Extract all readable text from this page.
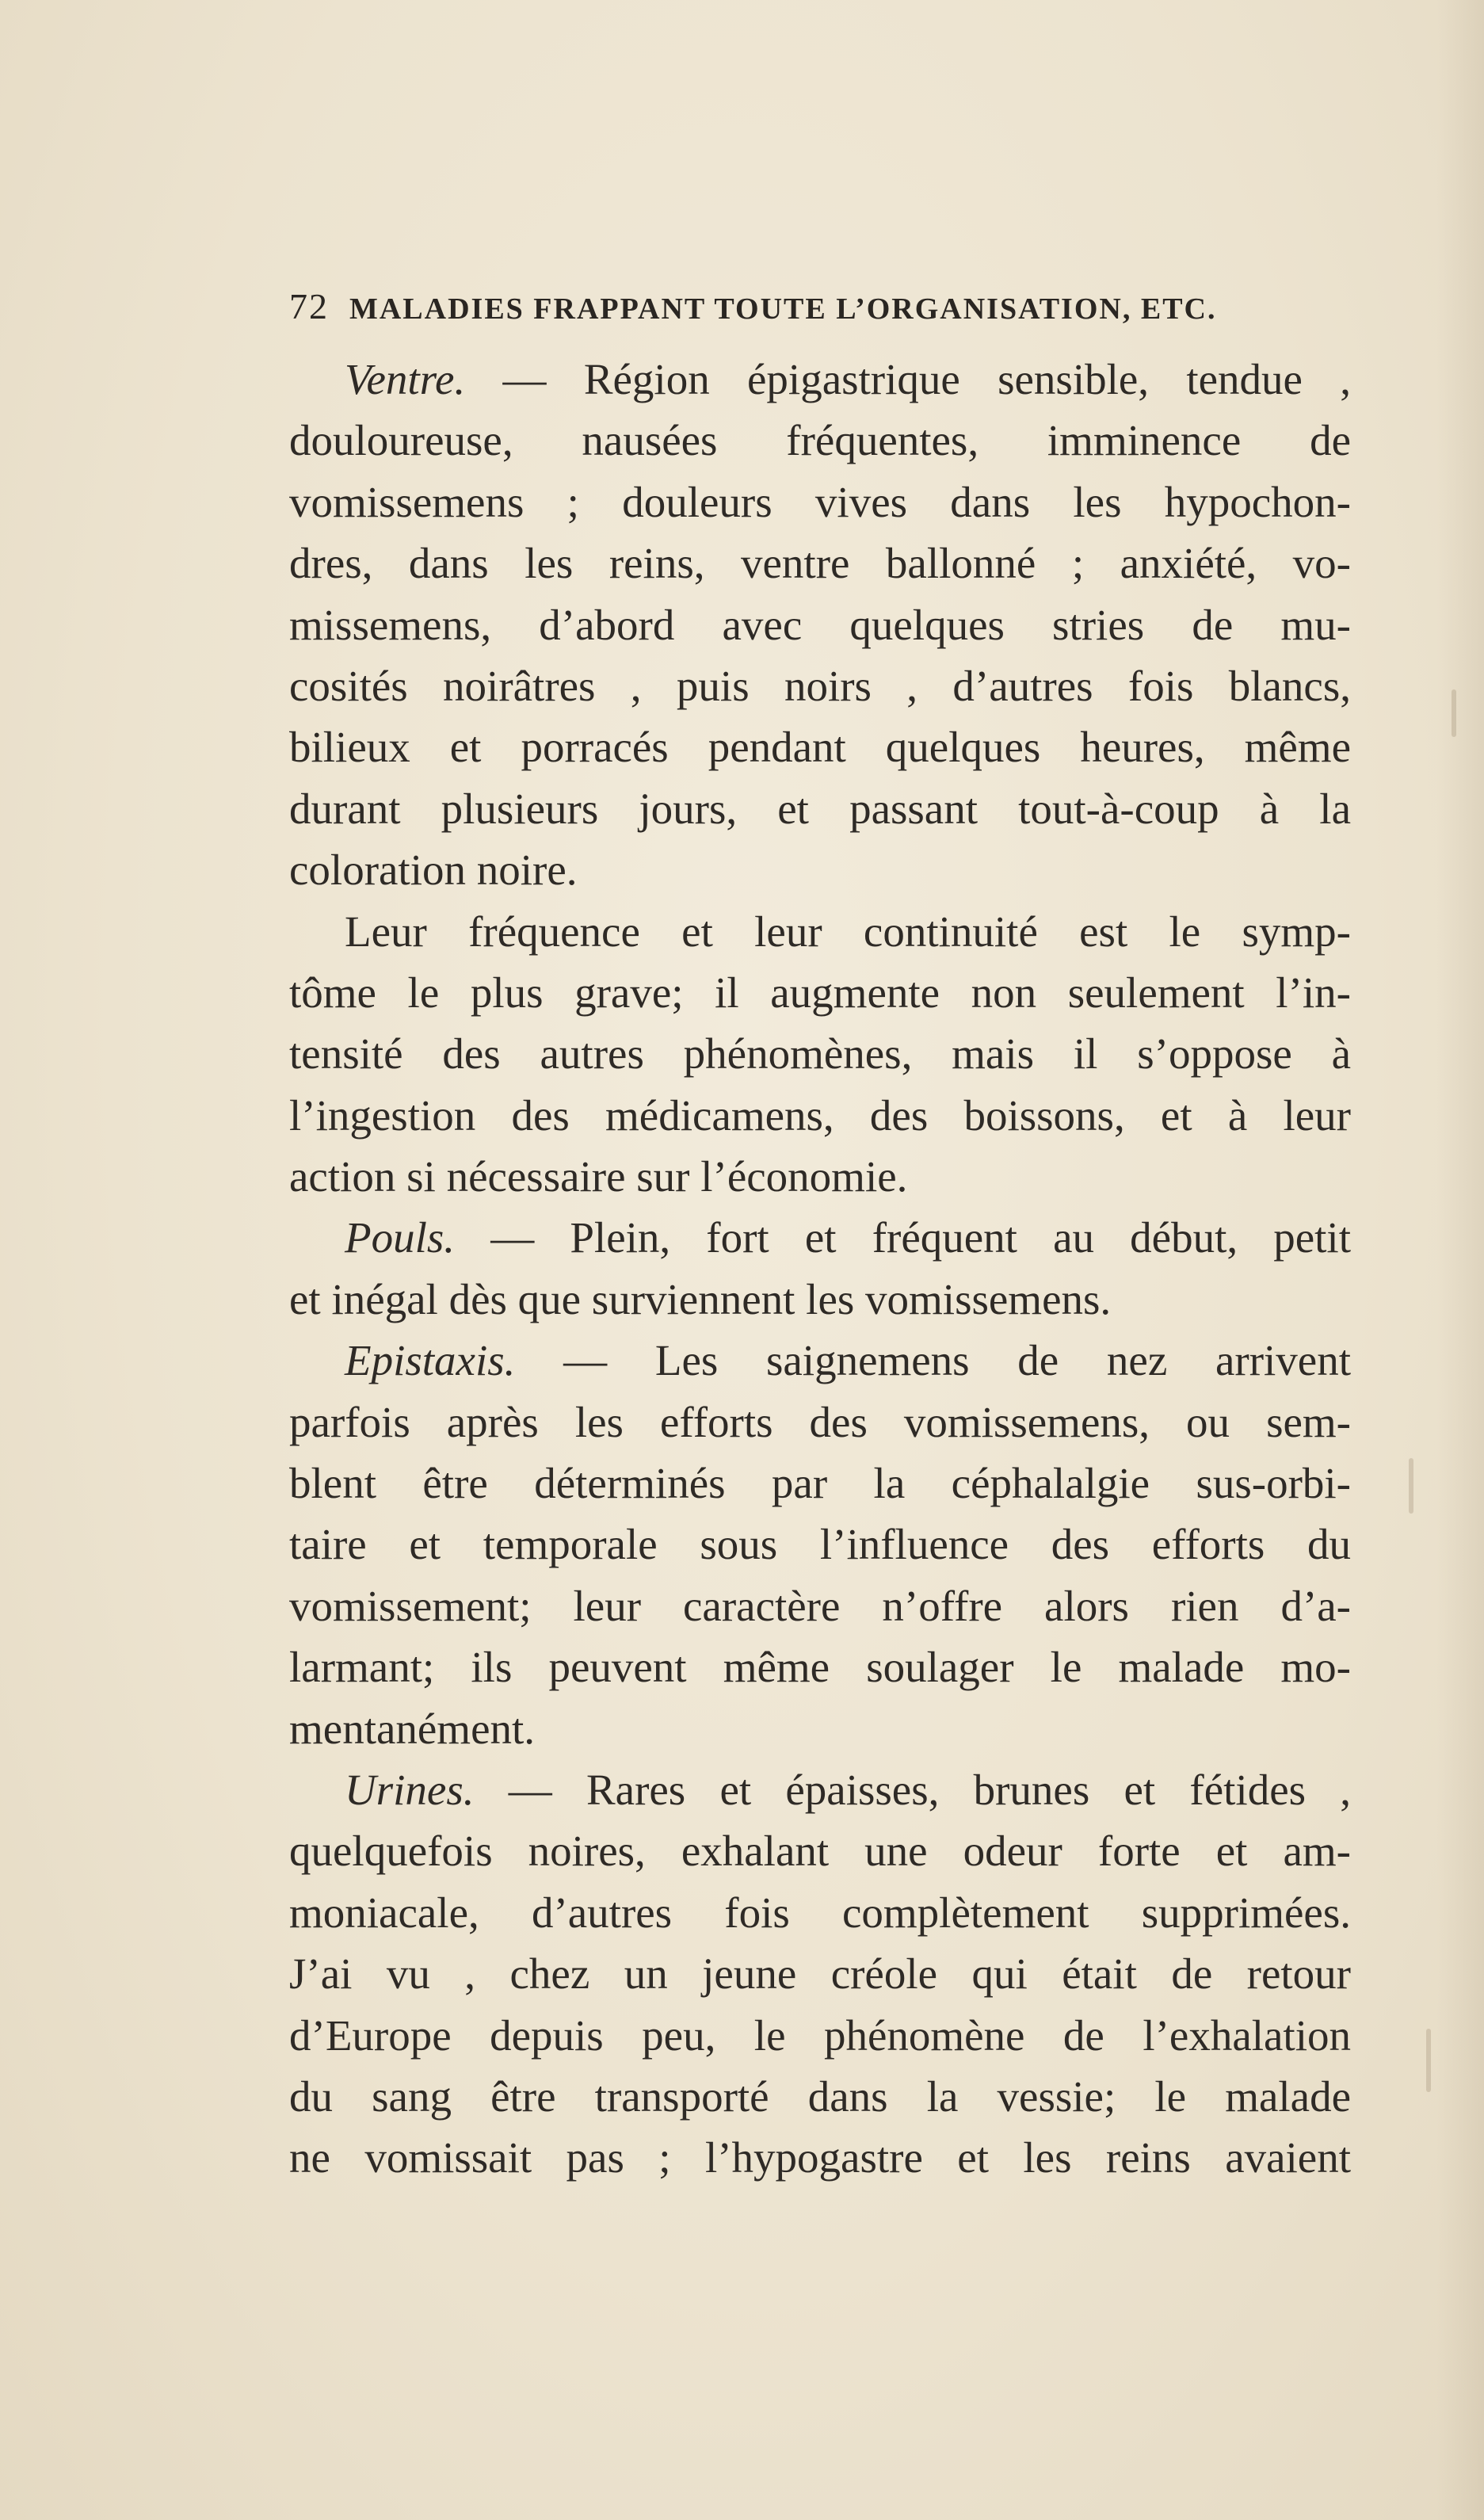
72 MALADIES FRAPPANT TOUTE L’ORGANISATION, ETC.
Ventre. — Région épigastrique sensible, tendue ,
douloureuse, nausées fréquentes, imminence de
vomissemens ; douleurs vives dans les hypochon-
dres, dans les reins, ventre ballonné ; anxiété, vo-
missemens, d’abord avec quelques stries de mu-
cosités noirâtres , puis noirs , d’autres fois blancs,
bilieux et porracés pendant quelques heures, même
durant plusieurs jours, et passant tout-à-coup à la
coloration noire.
Leur fréquence et leur continuité est le symp-
tôme le plus grave; il augmente non seulement l’in-
tensité des autres phénomènes, mais il s’oppose à
l’ingestion des médicamens, des boissons, et à leur
action si nécessaire sur l’économie.
Pouls. — Plein, fort et fréquent au début, petit
et inégal dès que surviennent les vomissemens.
Epistaxis. — Les saignemens de nez arrivent
parfois après les efforts des vomissemens, ou sem-
blent être déterminés par la céphalalgie sus-orbi-
taire et temporale sous l’influence des efforts du
vomissement; leur caractère n’offre alors rien d’a-
larmant; ils peuvent même soulager le malade mo-
mentanément.
Urines. — Rares et épaisses, brunes et fétides ,
quelquefois noires, exhalant une odeur forte et am-
moniacale, d’autres fois complètement supprimées.
J’ai vu , chez un jeune créole qui était de retour
d’Europe depuis peu, le phénomène de l’exhalation
du sang être transporté dans la vessie; le malade
ne vomissait pas ; l’hypogastre et les reins avaient
